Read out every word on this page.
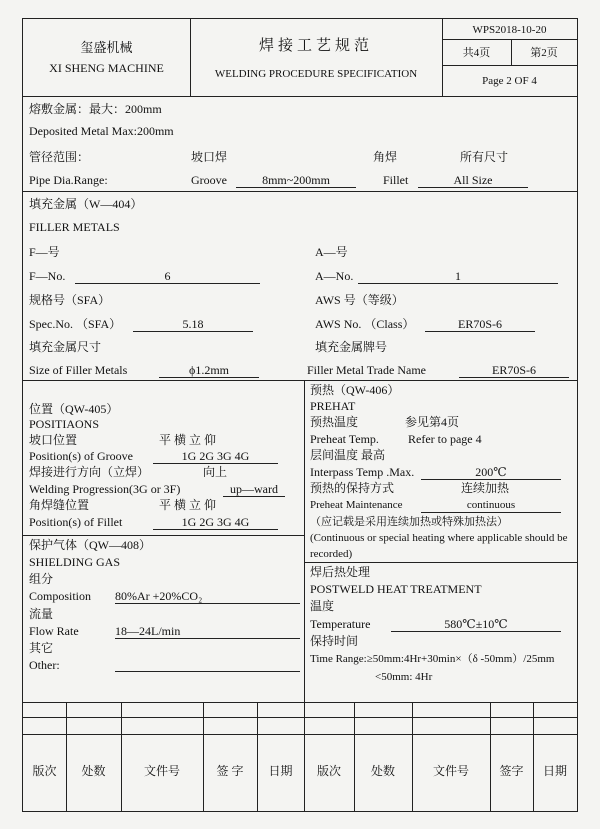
玺盛机械
XI SHENG MACHINE
焊接工艺规范
WELDING PROCEDURE SPECIFICATION
WPS2018-10-20
共4页	第2页
Page 2 OF 4
熔敷金属：最大：200mm
Deposited Metal Max:200mm
管径范围：	坡口焊	角焊	所有尺寸
Pipe Dia.Range:	Groove	8mm~200mm	Fillet	All Size
填充金属（W—404）
FILLER METALS
F—号	A—号
F—No.	6	A—No.	1
规格号（SFA）	AWS 号（等级）
Spec.No. （SFA）	5.18	AWS No. （Class）	ER70S-6
填充金属尺寸	填充金属牌号
Size of Filler Metals	ϕ1.2mm	Filler Metal Trade Name	ER70S-6
位置（QW-405）
POSITIAONS
坡口位置	平 横 立 仰
Position(s) of Groove	1G 2G 3G 4G
焊接进行方向（立焊）	向上
Welding Progression(3G or 3F)	up—ward
角焊缝位置	平 横 立 仰
Position(s) of Fillet	1G 2G 3G 4G
预热（QW-406）
PREHAT
预热温度	参见第4页
Preheat Temp. Refer to page 4
层间温度 最高
Interpass Temp .Max.	200℃
预热的保持方式	连续加热
Preheat Maintenance	continuous
（应记载是采用连续加热或特殊加热法）
(Continuous or special heating where applicable should be
recorded)
保护气体（QW—408）
SHIELDING GAS
组分
Composition 80%Ar +20%CO₂
流量
Flow Rate	18—24L/min
其它
Other:
焊后热处理
POSTWELD HEAT TREATMENT
温度
Temperature	580℃±10℃
保持时间
Time Range:≥50mm:4Hr+30min×（δ -50mm）/25mm
<50mm: 4Hr
版次	处数	文件号	签 字	日期	版次	处数	文件号	签字	日期
